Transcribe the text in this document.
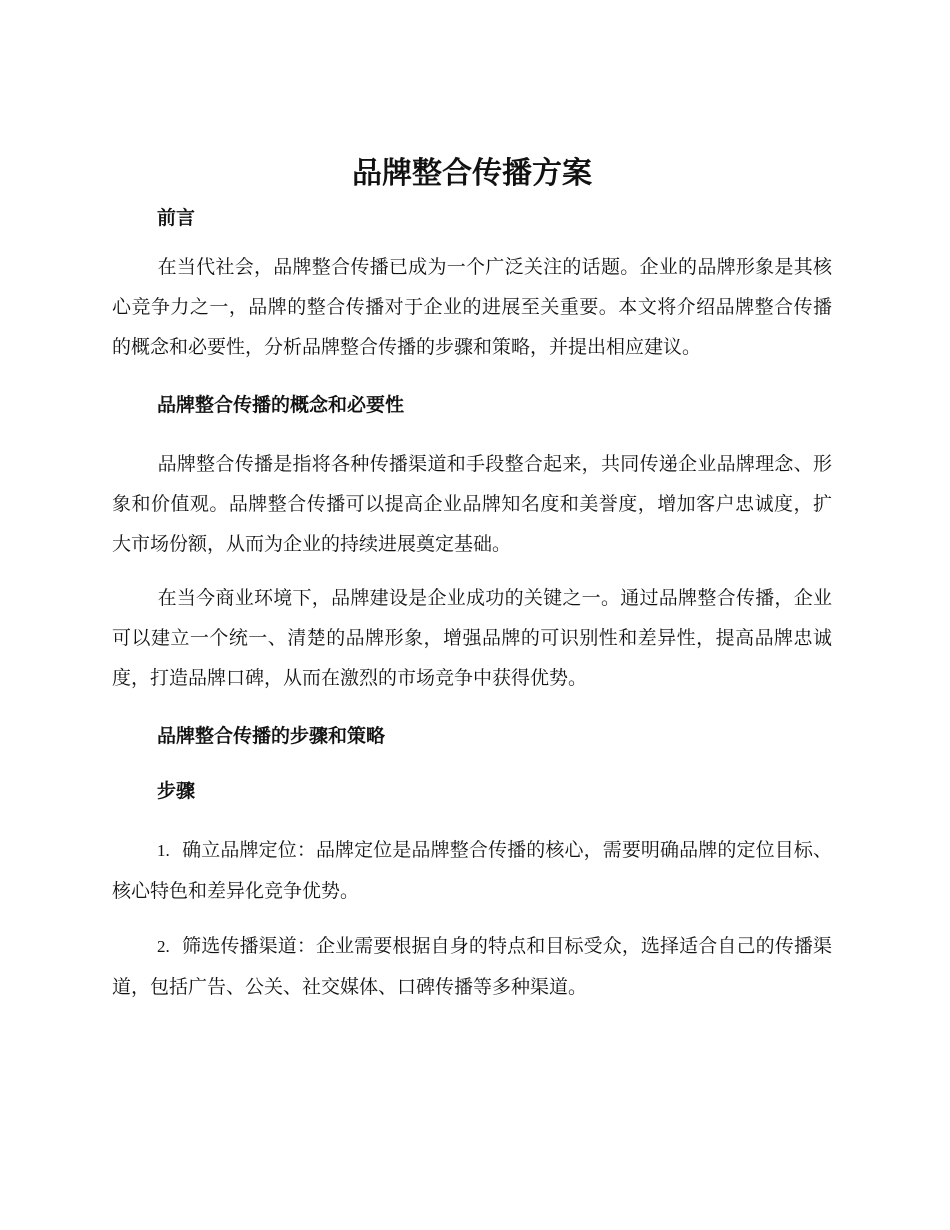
品牌整合传播方案
前言

在当代社会，品牌整合传播已成为一个广泛关注的话题。企业的品牌形象是其核心竞争力之一，品牌的整合传播对于企业的进展至关重要。本文将介绍品牌整合传播的概念和必要性，分析品牌整合传播的步骤和策略，并提出相应建议。

品牌整合传播的概念和必要性

品牌整合传播是指将各种传播渠道和手段整合起来，共同传递企业品牌理念、形象和价值观。品牌整合传播可以提高企业品牌知名度和美誉度，增加客户忠诚度，扩大市场份额，从而为企业的持续进展奠定基础。

在当今商业环境下，品牌建设是企业成功的关键之一。通过品牌整合传播，企业可以建立一个统一、清楚的品牌形象，增强品牌的可识别性和差异性，提高品牌忠诚度，打造品牌口碑，从而在激烈的市场竞争中获得优势。

品牌整合传播的步骤和策略
步骤

1. 确立品牌定位：品牌定位是品牌整合传播的核心，需要明确品牌的定位目标、核心特色和差异化竞争优势。

2. 筛选传播渠道：企业需要根据自身的特点和目标受众，选择适合自己的传播渠道，包括广告、公关、社交媒体、口碑传播等多种渠道。
